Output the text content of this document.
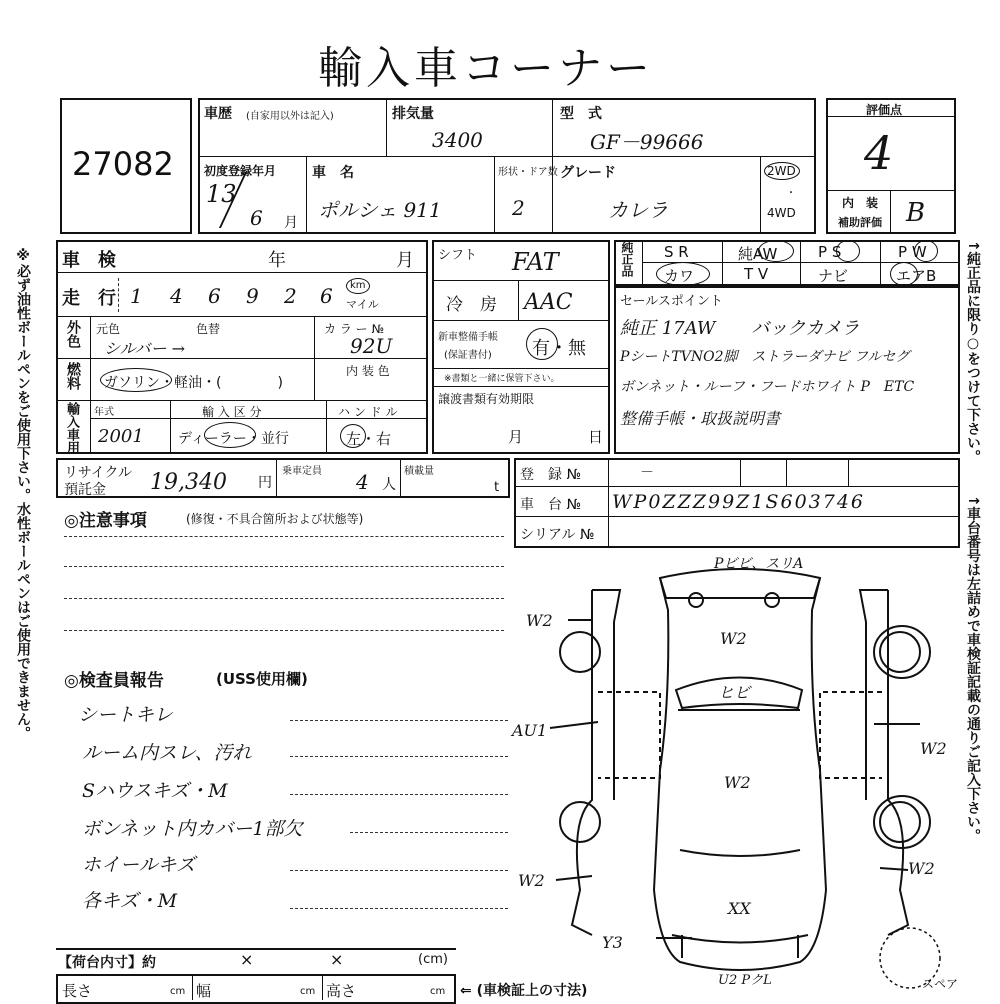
輸入車コーナー
※必ず油性ボールペンをご使用下さい。水性ボールペンはご使用できません。	↑純正品に限り○をつけて下さい。
↑車台番号は左詰めで車検証記載の通りご記入下さい。
27082
車歴 (自家用以外は記入)	排気量
3400
型　式
GF－99666
初度登録年月
13
6 月
車　名
ポルシェ 911
形状・ドア数
2
グレード
カレラ
2WD
・
4WD
評価点
4
内　装
補助評価 B
車　検	年	月
走　行 1 4 6 9 2 6 km
マイル
外色 元色	色替
シルバー →
カ ラ ー №
92U
内 装 色
燃料 ガソリン・軽油・(　　　　)
輸入車用 年式
2001
輸 入 区 分
ディーラー・並行
ハ ン ド ル
左・右
シフト FAT
冷　房 AAC
新車整備手帳
(保証書付) 有・無
※書類と一緒に保管下さい。
譲渡書類有効期限
月	日
純正品 S R	純AW	P S	P W
カワ	T V	ナビ	エアB
セールスポイント
純正 17AW　　バックカメラ
PシートTVNO2脚　ストラーダナビ フルセグ
ボンネット・ルーフ・フードホワイト P　ETC
整備手帳・取扱説明書
リサイクル
預託金 19,340 円
乗車定員 4 人
積載量
t
登　録 №	－
車　台 № WP0ZZZ99Z1S603746
シリアル №
◎注意事項	(修復・不具合箇所および状態等)
◎検査員報告	(USS使用欄)
シートキレ
ルーム内スレ、汚れ
Sハウスキズ・M
ボンネット内カバー1部欠
ホイールキズ
各キズ・M
Pビビ、スリA
W2
W2
ヒビ
AU1
W2
W2
W2
W2
XX
Y3
U2 PクL	スペア
【荷台内寸】約	×	×	(cm)
長さ	cm 幅	cm 高さ	cm ⇐ (車検証上の寸法)
